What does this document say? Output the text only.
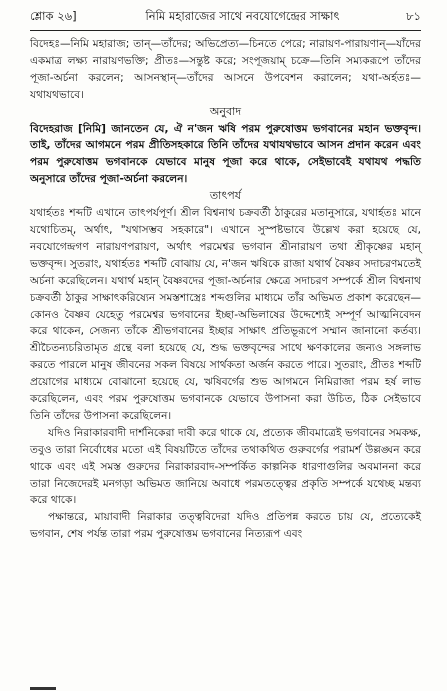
শ্লোক ২৬]	নিমি মহারাজের সাথে নবযোগেন্দ্রের সাক্ষাৎ	৮১

বিদেহঃ—নিমি মহারাজ; তান্—তাঁদের; অভিপ্রেত্য—চিনতে পেরে; নারায়ণ-পারায়ণান্—যাঁদের একমাত্র লক্ষ্য নারায়ণভক্তি; প্রীতঃ—সন্তুষ্ট করে; সংপূজয়াম্ চক্রে—তিনি সম্যকরূপে তাঁদের পূজা-অর্চনা করলেন; আসনস্থান্—তাঁদের আসনে উপবেশন করালেন; যথা-অর্হতঃ—যথাযথভাবে।

অনুবাদ

বিদেহরাজ [নিমি] জানতেন যে, ঐ ন'জন ঋষি পরম পুরুষোত্তম ভগবানের মহান ভক্তবৃন্দ। তাই, তাঁদের আগমনে পরম প্রীতিসহকারে তিনি তাঁদের যথাযথভাবে আসন প্রদান করেন এবং পরম পুরুষোত্তম ভগবানকে যেভাবে মানুষ পূজা করে থাকে, সেইভাবেই যথাযথ পদ্ধতি অনুসারে তাঁদের পূজা-অর্চনা করলেন।

তাৎপর্য

যথার্হতঃ শব্দটি এখানে তাৎপর্যপূর্ণ। শ্রীল বিশ্বনাথ চক্রবর্তী ঠাকুরের মতানুসারে, যথার্হতঃ মানে যথোচিতম্, অর্থাৎ, "যথাসম্ভব সহকারে"। এখানে সুস্পষ্টভাবে উল্লেখ করা হয়েছে যে, নবযোগেন্দ্রগণ নারায়ণপরায়ণ, অর্থাৎ পরমেশ্বর ভগবান শ্রীনারায়ণ তথা শ্রীকৃষ্ণের মহান্ ভক্তবৃন্দ। সুতরাং, যথার্হতঃ শব্দটি বোঝায় যে, ন'জন ঋষিকে রাজা যথার্থ বৈষ্ণব সদাচরণমতেই অর্চনা করেছিলেন। যথার্থ মহান্ বৈষ্ণবদের পূজা-অর্চনার ক্ষেত্রে সদাচরণ সম্পর্কে শ্রীল বিশ্বনাথ চক্রবর্তী ঠাকুর সাক্ষাৎকরিষ্যেন সমস্তশাস্ত্রেঃ শব্দগুলির মাধ্যমে তাঁর অভিমত প্রকাশ করেছেন—কোনও বৈষ্ণব যেহেতু পরমেশ্বর ভগবানের ইচ্ছা-অভিলাষের উদ্দেশ্যেই সম্পূর্ণ আত্মনিবেদন করে থাকেন, সেজন্য তাঁকে শ্রীভগবানের ইচ্ছার সাক্ষাৎ প্রতিভূরূপে সম্মান জানানো কর্তব্য। শ্রীচৈতন্যচরিতামৃত গ্রন্থে বলা হয়েছে যে, শুদ্ধ ভক্তবৃন্দের সাথে ক্ষণকালের জন্যও সঙ্গলাভ করতে পারলে মানুষ জীবনের সকল বিষয়ে সার্থকতা অর্জন করতে পারে। সুতরাং, প্রীতঃ শব্দটি প্রয়োগের মাধ্যমে বোঝানো হয়েছে যে, ঋষিবর্গের শুভ আগমনে নিমিরাজা পরম হর্ষ লাভ করেছিলেন, এবং পরম পুরুষোত্তম ভগবানকে যেভাবে উপাসনা করা উচিত, ঠিক সেইভাবে তিনি তাঁদের উপাসনা করেছিলেন।

যদিও নিরাকারবাদী দার্শনিকেরা দাবী করে থাকে যে, প্রত্যেক জীবমাত্রেই ভগবানের সমকক্ষ, তবুও তারা নির্বোধের মতো এই বিষয়টিতে তাঁদের তথাকথিত গুরুবর্গের পরামর্শ উল্লঙ্ঘন করে থাকে এবং এই সমস্ত গুরুদের নিরাকারবাদ-সম্পর্কিত কাল্পনিক ধারণাগুলির অবমাননা করে তারা নিজেদেরই মনগড়া অভিমত জানিয়ে অবাধে পরমতত্ত্বের প্রকৃতি সম্পর্কে যথেচ্ছ মন্তব্য করে থাকে।

পক্ষান্তরে, মায়াবাদী নিরাকার তত্ত্ববিদেরা যদিও প্রতিপন্ন করতে চায় যে, প্রত্যেকেই ভগবান, শেষ পর্যন্ত তারা পরম পুরুষোত্তম ভগবানের নিত্যরূপ এবং
